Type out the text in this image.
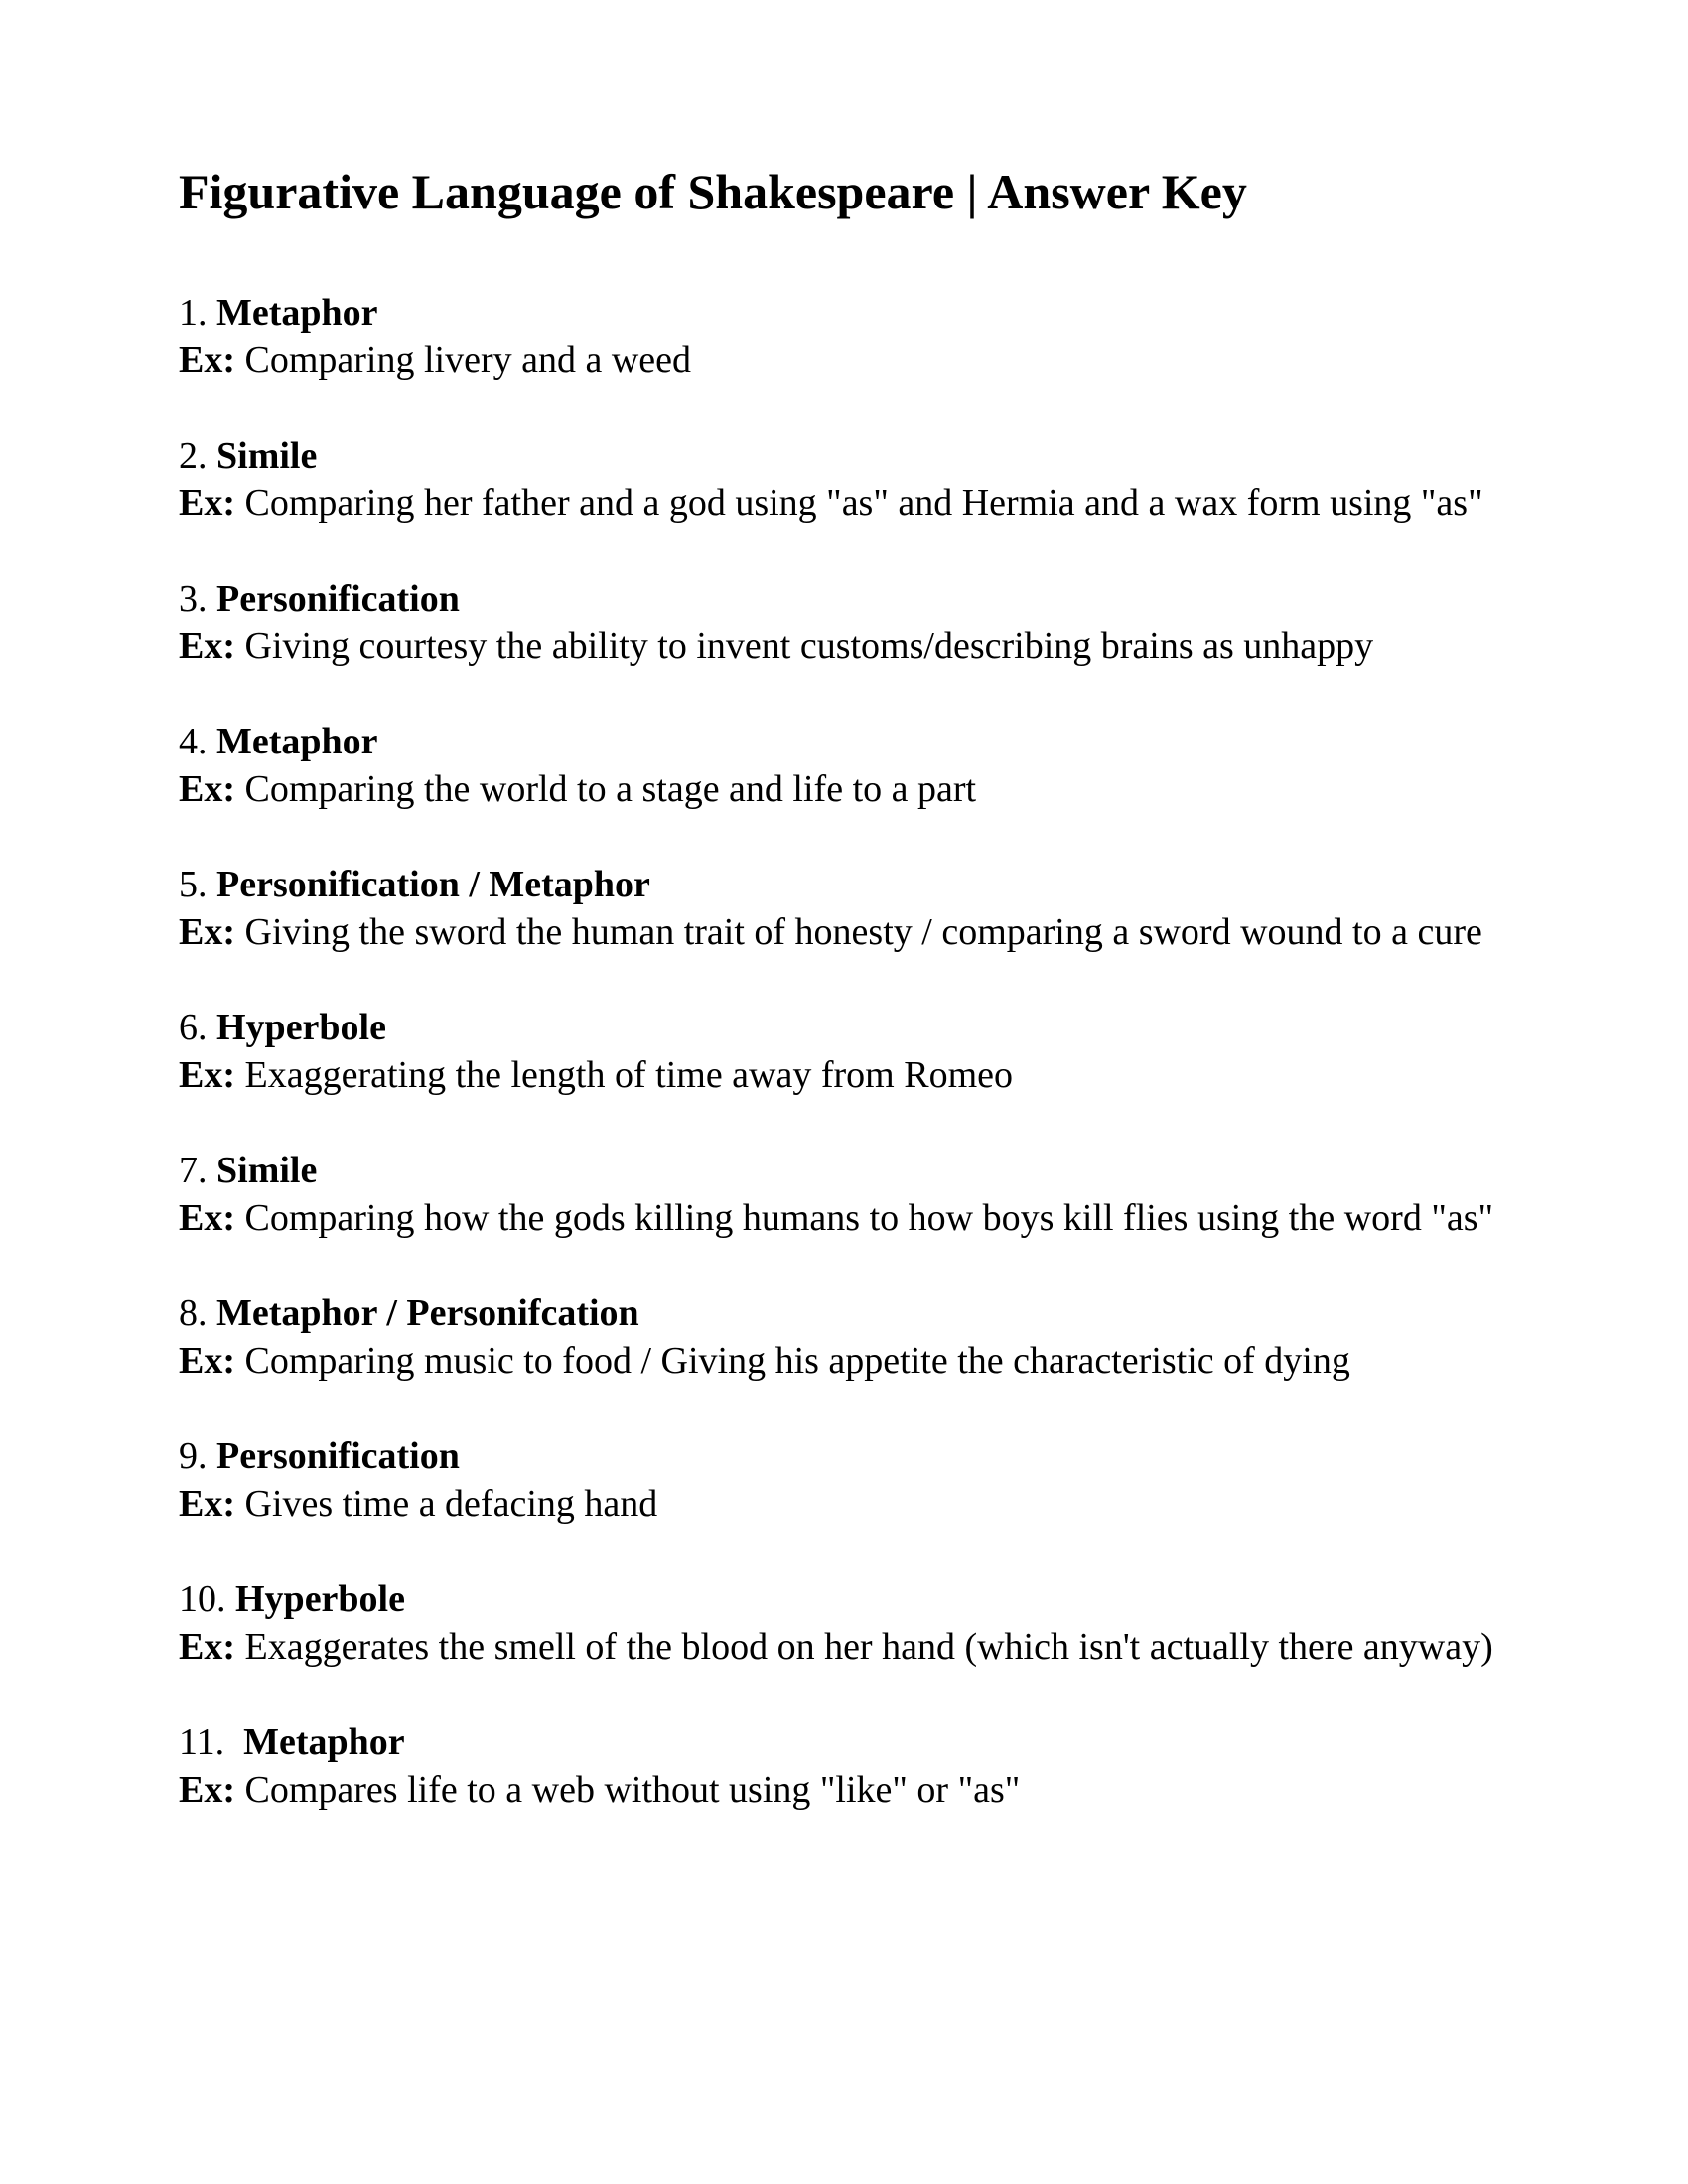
Figurative Language of Shakespeare | Answer Key
1. Metaphor
Ex: Comparing livery and a weed
2. Simile
Ex: Comparing her father and a god using "as" and Hermia and a wax form using "as"
3. Personification
Ex: Giving courtesy the ability to invent customs/describing brains as unhappy
4. Metaphor
Ex: Comparing the world to a stage and life to a part
5. Personification / Metaphor
Ex: Giving the sword the human trait of honesty / comparing a sword wound to a cure
6. Hyperbole
Ex: Exaggerating the length of time away from Romeo
7. Simile
Ex: Comparing how the gods killing humans to how boys kill flies using the word "as"
8. Metaphor / Personifcation
Ex: Comparing music to food / Giving his appetite the characteristic of dying
9. Personification
Ex: Gives time a defacing hand
10. Hyperbole
Ex: Exaggerates the smell of the blood on her hand (which isn't actually there anyway)
11.  Metaphor
Ex: Compares life to a web without using "like" or "as"
